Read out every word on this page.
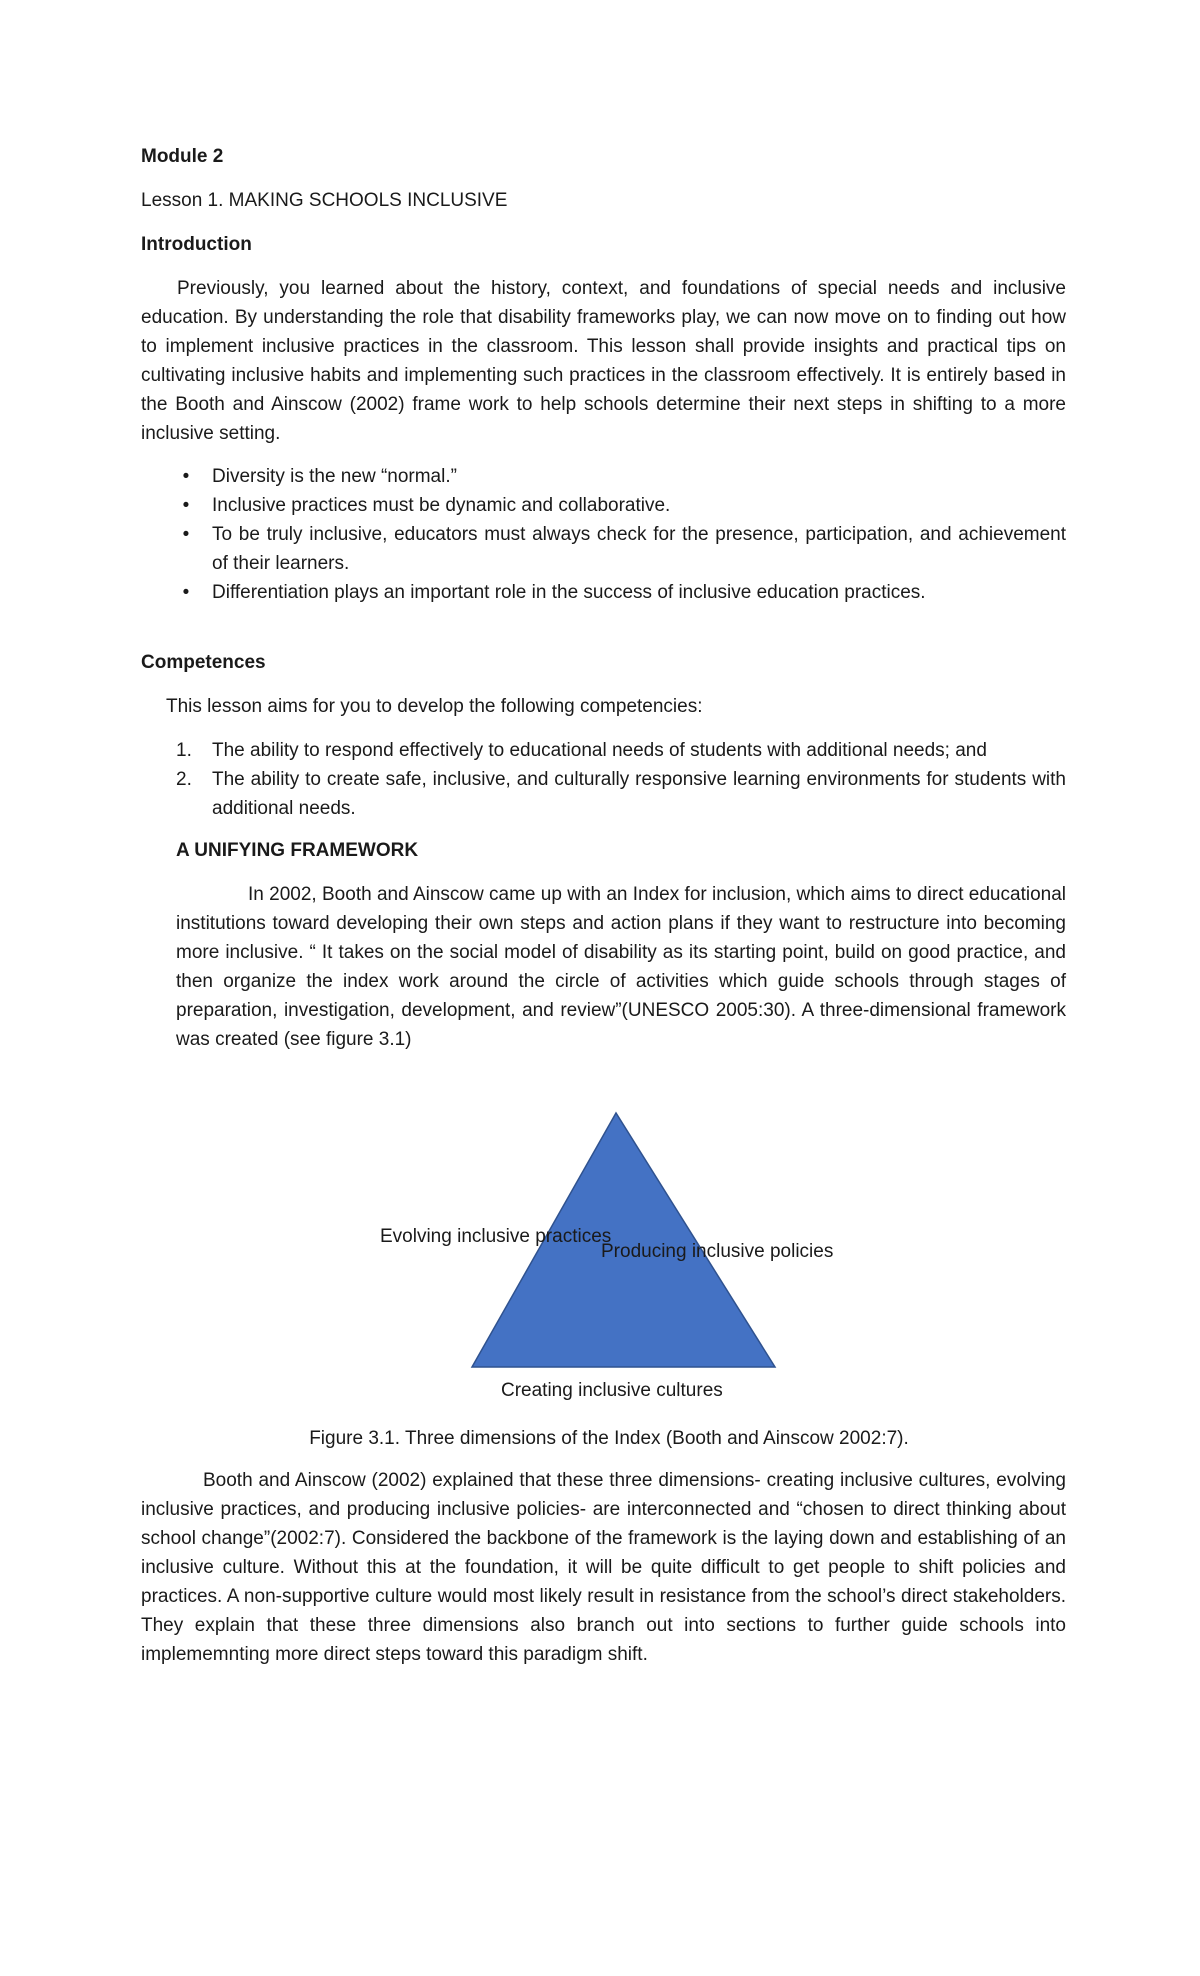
Module 2
Lesson 1. MAKING SCHOOLS INCLUSIVE
Introduction
Previously, you learned about the history, context, and foundations of special needs and inclusive education. By understanding the role that disability frameworks play, we can now move on to finding out how to implement inclusive practices in the classroom. This lesson shall provide insights and practical tips on cultivating inclusive habits and implementing such practices in the classroom effectively. It is entirely based in the Booth and Ainscow (2002) frame work to help schools determine their next steps in shifting to a more inclusive setting.
•	Diversity is the new “normal.”
•	Inclusive practices must be dynamic and collaborative.
•	To be truly inclusive, educators must always check for the presence, participation, and achievement of their learners.
•	Differentiation plays an important role in the success of inclusive education practices.
Competences
This lesson aims for you to develop the following competencies:
1. The ability to respond effectively to educational needs of students with additional needs; and
2. The ability to create safe, inclusive, and culturally responsive learning environments for students with additional needs.
A UNIFYING FRAMEWORK
In 2002, Booth and Ainscow came up with an Index for inclusion, which aims to direct educational institutions toward developing their own steps and action plans if they want to restructure into becoming more inclusive. “ It takes on the social model of disability as its starting point, build on good practice, and then organize the index work around the circle of activities which guide schools through stages of preparation, investigation, development, and review”(UNESCO 2005:30). A three-dimensional framework was created (see figure 3.1)
Evolving inclusive practices
Producing inclusive policies
Creating inclusive cultures
Figure 3.1. Three dimensions of the Index (Booth and Ainscow 2002:7).
Booth and Ainscow (2002) explained that these three dimensions- creating inclusive cultures, evolving inclusive practices, and producing inclusive policies- are interconnected and “chosen to direct thinking about school change”(2002:7). Considered the backbone of the framework is the laying down and establishing of an inclusive culture. Without this at the foundation, it will be quite difficult to get people to shift policies and practices. A non-supportive culture would most likely result in resistance from the school’s direct stakeholders. They explain that these three dimensions also branch out into sections to further guide schools into implememnting more direct steps toward this paradigm shift.
